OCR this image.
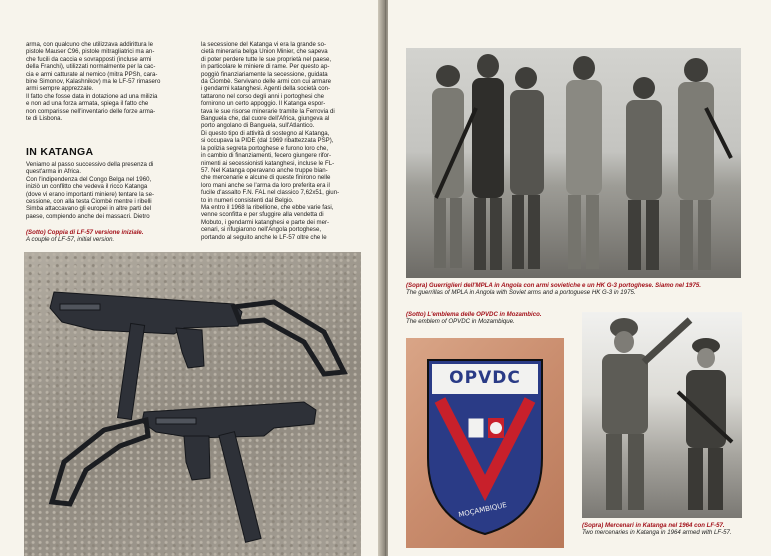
arma, con qualcuno che utilizzava addirittura le

pistole Mauser C96, pistole mitragliatrici ma an-

che fucili da caccia e sovrapposti (incluse armi

della Franchi), utilizzati normalmente per la cac-

cia e armi catturate al nemico (mitra PPSh, cara-

bine Simonov, Kalashnikov) ma le LF-57 rimasero

armi sempre apprezzate.

Il fatto che fosse data in dotazione ad una milizia

e non ad una forza armata, spiega il fatto che

non comparisse nell'inventario delle forze arma-

te di Lisbona.

IN KATANGA

Veniamo al passo successivo della presenza di

quest'arma in Africa.

Con l'indipendenza del Congo Belga nel 1960,

iniziò un conflitto che vedeva il ricco Katanga

(dove vi erano importanti miniere) tentare la se-

cessione, con alla testa Ciombè mentre i ribelli

Simba attaccavano gli europei in altre parti del

paese, compiendo anche dei massacri. Dietro

(Sotto) Coppia di LF-57 versione iniziale.
A couple of LF-57, initial version.

la secessione del Katanga vi era la grande so-

cietà mineraria belga Union Minier, che sapeva

di poter perdere tutte le sue proprietà nel paese,

in particolare le miniere di rame. Per questo ap-

poggiò finanziariamente la secessione, guidata

da Ciombè. Servivano delle armi con cui armare

i gendarmi katanghesi. Agenti della società con-

tattarono nel corso degli anni i portoghesi che

fornirono un certo appoggio. Il Katanga espor-

tava le sue risorse minerarie tramite la Ferrovia di

Banguela che, dal cuore dell'Africa, giungeva al

porto angolano di Banguela, sull'Atlantico.

Di questo tipo di attività di sostegno al Katanga,

si occupava la PIDE (dal 1969 ribattezzata PSP),

la polizia segreta portoghese e furono loro che,

in cambio di finanziamenti, fecero giungere rifor-

nimenti ai secessionisti katanghesi, incluse le FL-

57. Nel Katanga operavano anche truppe bian-

che mercenarie e alcune di queste finirono nelle

loro mani anche se l'arma da loro preferita era il

fucile d'assalto F.N. FAL nel classico 7,62x51, giun-

to in numeri consistenti dal Belgio.

Ma entro il 1968 la ribellione, che ebbe varie fasi,

venne sconfitta e per sfuggire alla vendetta di

Mobuto, i gendarmi katanghesi e parte dei mer-

cenari, si rifugiarono nell'Angola portoghese,

portando al seguito anche le LF-57 oltre che le

(Sopra) Guerriglieri dell'MPLA in Angola con armi sovietiche e un HK G-3 portoghese. Siamo nel 1975.
The guerrillas of MPLA in Angola with Soviet arms and a portoguese HK G-3 in 1975.
(Sotto) L'emblema delle OPVDC in Mozambico.
The emblem of OPVDC in Mozambique.
OPVDC
MOÇAMBIQUE
(Sopra) Mercenari in Katanga nel 1964 con LF-57.
Two mercenaries in Katanga in 1964 armed with LF-57.
